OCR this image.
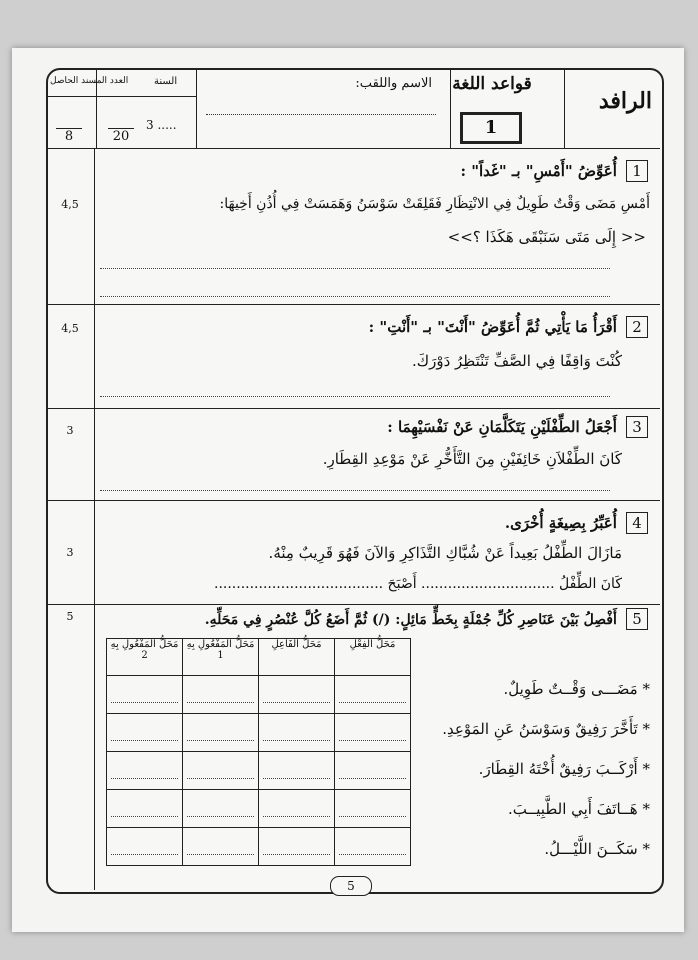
الرافد
قواعد اللغة
1
الاسم واللقب:
السنة
3 .....
العدد المسند الحاصل
8	20
4,5
4,5
3
3
5
1 أُعَوِّضُ "أَمْسِ" بـ "غَداً" :
أَمْسِ مَضَى وَقْتٌ طَوِيلٌ فِي الانْتِظَارِ فَقَلِقَتْ سَوْسَنُ وَهَمَسَتْ فِي أُذُنِ أَخِيهَا:
<< إِلَى مَتَى سَنَبْقَى هَكَذَا ؟>>
2 أَقْرَأُ مَا يَأْتِي ثُمَّ أُعَوِّضُ "أَنْتَ" بـ "أَنْتِ" :
كُنْتَ وَاقِفًا فِي الصَّفِّ تَنْتَظِرُ دَوْرَكَ.
3 أَجْعَلُ الطِّفْلَيْنِ يَتَكَلَّمَانِ عَنْ نَفْسَيْهِمَا :
كَانَ الطِّفْلاَنِ خَائِفَيْنِ مِنَ التَّأَخُّرِ عَنْ مَوْعِدِ القِطَارِ.
4 أُعَبِّرُ بِصِيغَةٍ أُخْرَى.
مَازَالَ الطِّفْلُ بَعِيداً عَنْ شُبَّاكِ التَّذَاكِرِ وَالآنَ فَهُوَ قَرِيبٌ مِنْهُ.
كَانَ الطِّفْلُ .............................. أَصْبَحَ ......................................
5 أَفْصِلُ بَيْنَ عَنَاصِرِ كُلِّ جُمْلَةٍ بِخَطٍّ مَائِلٍ: (/) ثُمَّ أَضَعُ كُلَّ عُنْصُرٍ فِي مَحَلِّهِ.
مَحَلُّ الفِعْلِ	مَحَلُّ الفَاعِلِ	مَحَلُّ المَفْعُولِ بِهِ 1	مَحَلُّ المَفْعُولِ بِهِ 2

* مَضَـــى وَقْــتٌ طَوِيلٌ.
* تَأَخَّرَ رَفِيقٌ وَسَوْسَنُ عَنِ المَوْعِدِ.
* أَرْكَــبَ رَفِيقٌ أُخْتَهُ القِطَارَ.
* هَــاتَفَ أَبِي الطَّبِيــبَ.
* سَكَــنَ اللَّيْـــلُ.
5
